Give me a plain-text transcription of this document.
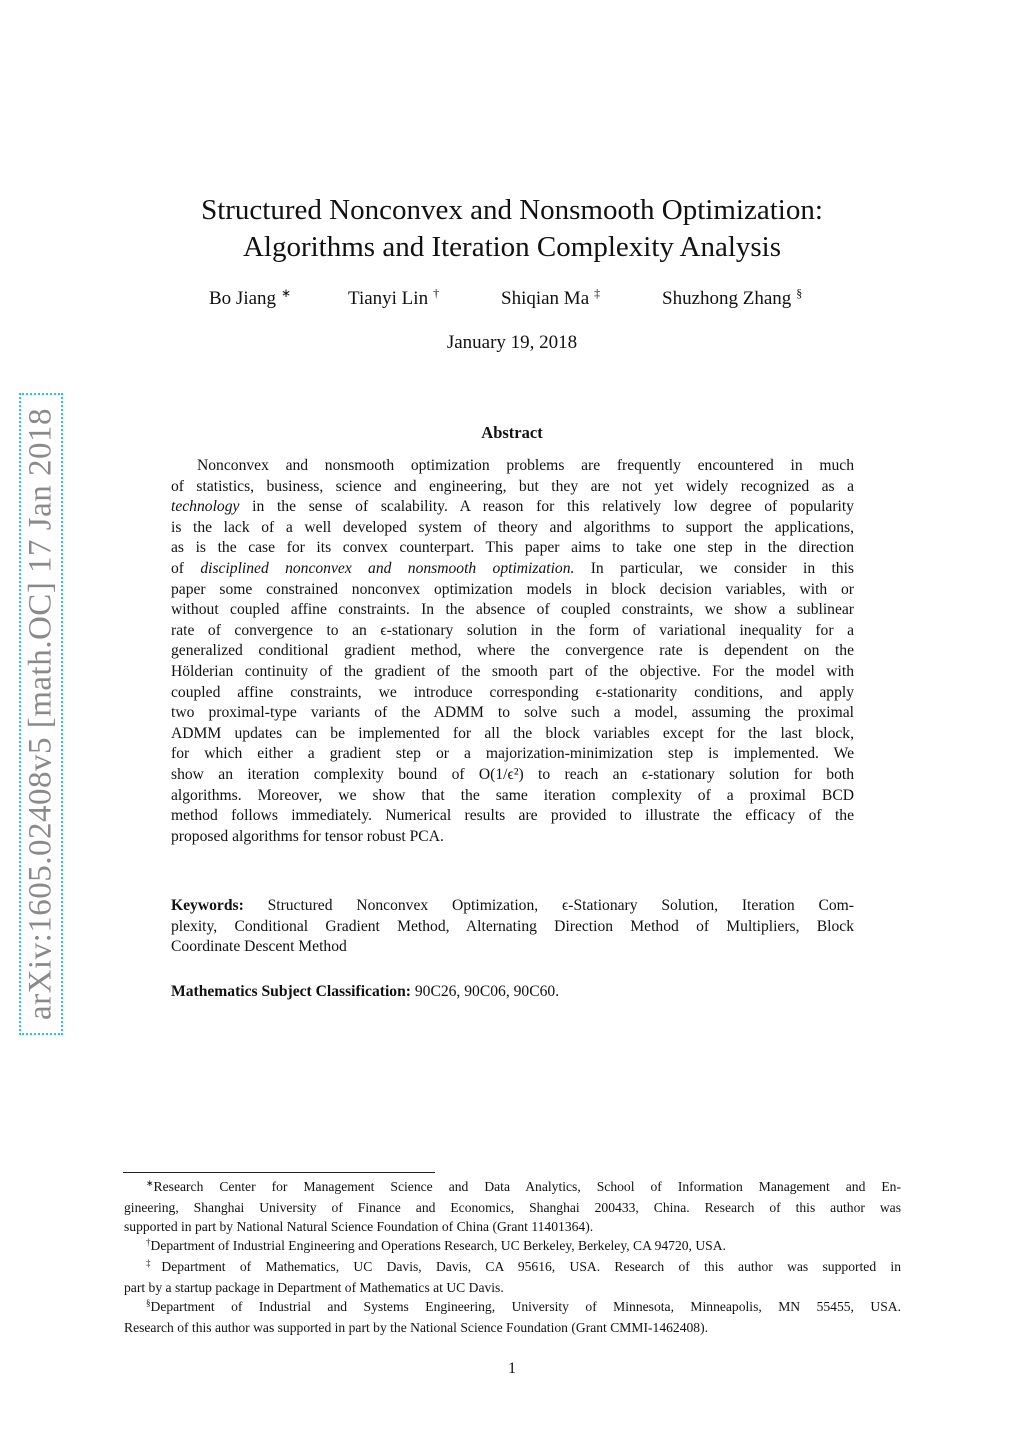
arXiv:1605.02408v5 [math.OC] 17 Jan 2018
Structured Nonconvex and Nonsmooth Optimization:
Algorithms and Iteration Complexity Analysis
Bo Jiang ∗	Tianyi Lin †	Shiqian Ma ‡	Shuzhong Zhang §
January 19, 2018
Abstract

Nonconvex and nonsmooth optimization problems are frequently encountered in much
of statistics, business, science and engineering, but they are not yet widely recognized as a
technology in the sense of scalability. A reason for this relatively low degree of popularity
is the lack of a well developed system of theory and algorithms to support the applications,
as is the case for its convex counterpart. This paper aims to take one step in the direction
of disciplined nonconvex and nonsmooth optimization. In particular, we consider in this
paper some constrained nonconvex optimization models in block decision variables, with or
without coupled affine constraints. In the absence of coupled constraints, we show a sublinear
rate of convergence to an ϵ-stationary solution in the form of variational inequality for a
generalized conditional gradient method, where the convergence rate is dependent on the
Hölderian continuity of the gradient of the smooth part of the objective. For the model with
coupled affine constraints, we introduce corresponding ϵ-stationarity conditions, and apply
two proximal-type variants of the ADMM to solve such a model, assuming the proximal
ADMM updates can be implemented for all the block variables except for the last block,
for which either a gradient step or a majorization-minimization step is implemented. We
show an iteration complexity bound of O(1/ϵ²) to reach an ϵ-stationary solution for both
algorithms. Moreover, we show that the same iteration complexity of a proximal BCD
method follows immediately. Numerical results are provided to illustrate the efficacy of the
proposed algorithms for tensor robust PCA.

Keywords: Structured Nonconvex Optimization, ϵ-Stationary Solution, Iteration Com-
plexity, Conditional Gradient Method, Alternating Direction Method of Multipliers, Block
Coordinate Descent Method

Mathematics Subject Classification: 90C26, 90C06, 90C60.

∗Research Center for Management Science and Data Analytics, School of Information Management and En-
gineering, Shanghai University of Finance and Economics, Shanghai 200433, China. Research of this author was
supported in part by National Natural Science Foundation of China (Grant 11401364).

†Department of Industrial Engineering and Operations Research, UC Berkeley, Berkeley, CA 94720, USA.

‡Department of Mathematics, UC Davis, Davis, CA 95616, USA. Research of this author was supported in
part by a startup package in Department of Mathematics at UC Davis.

§Department of Industrial and Systems Engineering, University of Minnesota, Minneapolis, MN 55455, USA.
Research of this author was supported in part by the National Science Foundation (Grant CMMI-1462408).

1
